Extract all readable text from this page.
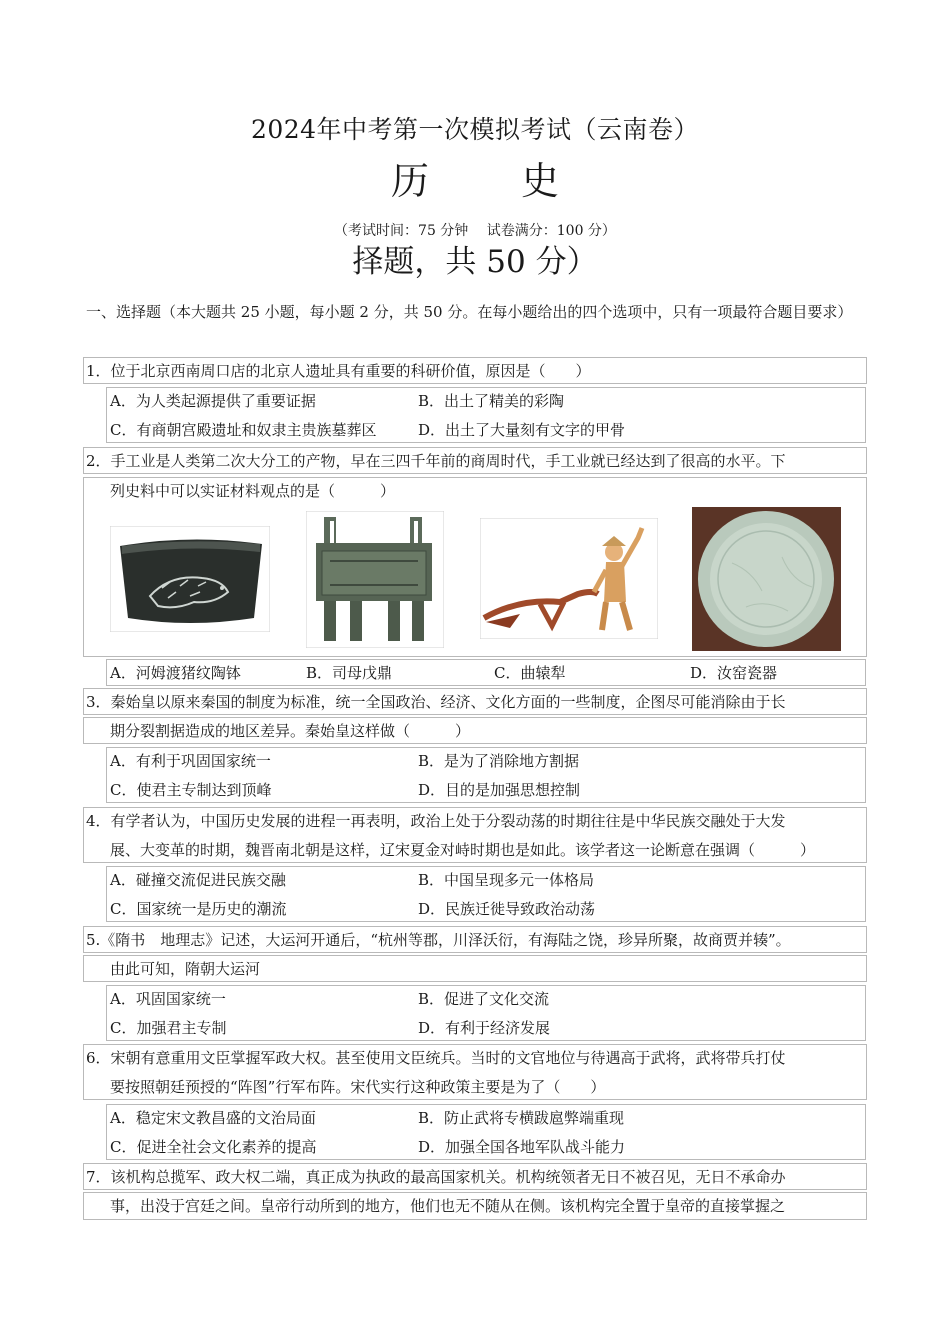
2024年中考第一次模拟考试（云南卷）
历 史
（考试时间：75 分钟　 试卷满分：100 分）
择题，共 50 分）
一、选择题（本大题共 25 小题，每小题 2 分，共 50 分。在每小题给出的四个选项中，只有一项最符合题目要求）
1．位于北京西南周口店的北京人遗址具有重要的科研价值，原因是（　　）
A．为人类起源提供了重要证据	B．出土了精美的彩陶
C．有商朝宫殿遗址和奴隶主贵族墓葬区	D．出土了大量刻有文字的甲骨
2．手工业是人类第二次大分工的产物，早在三四千年前的商周时代，手工业就已经达到了很高的水平。下
列史料中可以实证材料观点的是（　　　）
A．河姆渡猪纹陶钵	B．司母戊鼎	C．曲辕犁	D．汝窑瓷器
3．秦始皇以原来秦国的制度为标准，统一全国政治、经济、文化方面的一些制度，企图尽可能消除由于长
期分裂割据造成的地区差异。秦始皇这样做（　　　）
A．有利于巩固国家统一	B．是为了消除地方割据
C．使君主专制达到顶峰	D．目的是加强思想控制
4．有学者认为，中国历史发展的进程一再表明，政治上处于分裂动荡的时期往往是中华民族交融处于大发
展、大变革的时期，魏晋南北朝是这样，辽宋夏金对峙时期也是如此。该学者这一论断意在强调（　　　）
A．碰撞交流促进民族交融	B．中国呈现多元一体格局
C．国家统一是历史的潮流	D．民族迁徙导致政治动荡
5.《隋书　地理志》记述，大运河开通后，“杭州等郡，川泽沃衍，有海陆之饶，珍异所聚，故商贾并辏”。
由此可知，隋朝大运河
A．巩固国家统一	B．促进了文化交流
C．加强君主专制	D．有利于经济发展
6．宋朝有意重用文臣掌握军政大权。甚至使用文臣统兵。当时的文官地位与待遇高于武将，武将带兵打仗
要按照朝廷预授的“阵图”行军布阵。宋代实行这种政策主要是为了（　　）
A．稳定宋文教昌盛的文治局面	B．防止武将专横跋扈弊端重现
C．促进全社会文化素养的提高	D．加强全国各地军队战斗能力
7．该机构总揽军、政大权二端，真正成为执政的最高国家机关。机构统领者无日不被召见，无日不承命办
事，出没于宫廷之间。皇帝行动所到的地方，他们也无不随从在侧。该机构完全置于皇帝的直接掌握之
